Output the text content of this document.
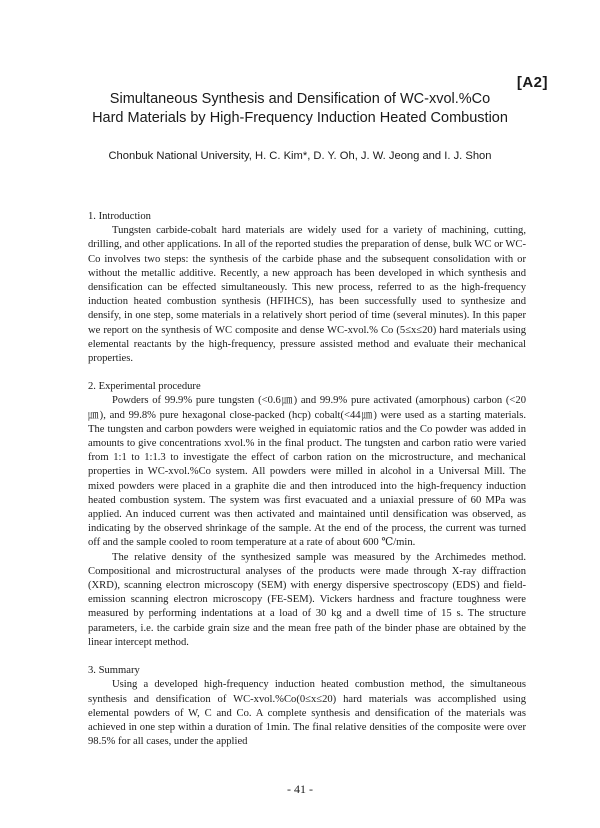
[A2]
Simultaneous Synthesis and Densification of WC-xvol.%Co
Hard Materials by High-Frequency Induction Heated Combustion
Chonbuk National University, H. C. Kim*, D. Y. Oh, J. W. Jeong and I. J. Shon

1. Introduction

Tungsten carbide-cobalt hard materials are widely used for a variety of machining, cutting, drilling, and other applications. In all of the reported studies the preparation of dense, bulk WC or WC-Co involves two steps: the synthesis of the carbide phase and the subsequent consolidation with or without the metallic additive. Recently, a new approach has been developed in which synthesis and densification can be effected simultaneously. This new process, referred to as the high-frequency induction heated combustion synthesis (HFIHCS), has been successfully used to synthesize and densify, in one step, some materials in a relatively short period of time (several minutes). In this paper we report on the synthesis of WC composite and dense WC-xvol.% Co (5≤x≤20) hard materials using elemental reactants by the high-frequency, pressure assisted method and evaluate their mechanical properties.

2. Experimental procedure

Powders of 99.9% pure tungsten (<0.6㎛) and 99.9% pure activated (amorphous) carbon (<20㎛), and 99.8% pure hexagonal close-packed (hcp) cobalt(<44㎛) were used as a starting materials. The tungsten and carbon powders were weighed in equiatomic ratios and the Co powder was added in amounts to give concentrations xvol.% in the final product. The tungsten and carbon ratio were varied from 1:1 to 1:1.3 to investigate the effect of carbon ration on the microstructure, and mechanical properties in WC-xvol.%Co system. All powders were milled in alcohol in a Universal Mill. The mixed powders were placed in a graphite die and then introduced into the high-frequency induction heated combustion system. The system was first evacuated and a uniaxial pressure of 60 MPa was applied. An induced current was then activated and maintained until densification was observed, as indicating by the observed shrinkage of the sample. At the end of the process, the current was turned off and the sample cooled to room temperature at a rate of about 600 ℃/min.

The relative density of the synthesized sample was measured by the Archimedes method. Compositional and microstructural analyses of the products were made through X-ray diffraction (XRD), scanning electron microscopy (SEM) with energy dispersive spectroscopy (EDS) and field-emission scanning electron microscopy (FE-SEM). Vickers hardness and fracture toughness were measured by performing indentations at a load of 30 kg and a dwell time of 15 s. The structure parameters, i.e. the carbide grain size and the mean free path of the binder phase are obtained by the linear intercept method.

3. Summary

Using a developed high-frequency induction heated combustion method, the simultaneous synthesis and densification of WC-xvol.%Co(0≤x≤20) hard materials was accomplished using elemental powders of W, C and Co. A complete synthesis and densification of the materials was achieved in one step within a duration of 1min. The final relative densities of the composite were over 98.5% for all cases, under the applied

- 41 -
